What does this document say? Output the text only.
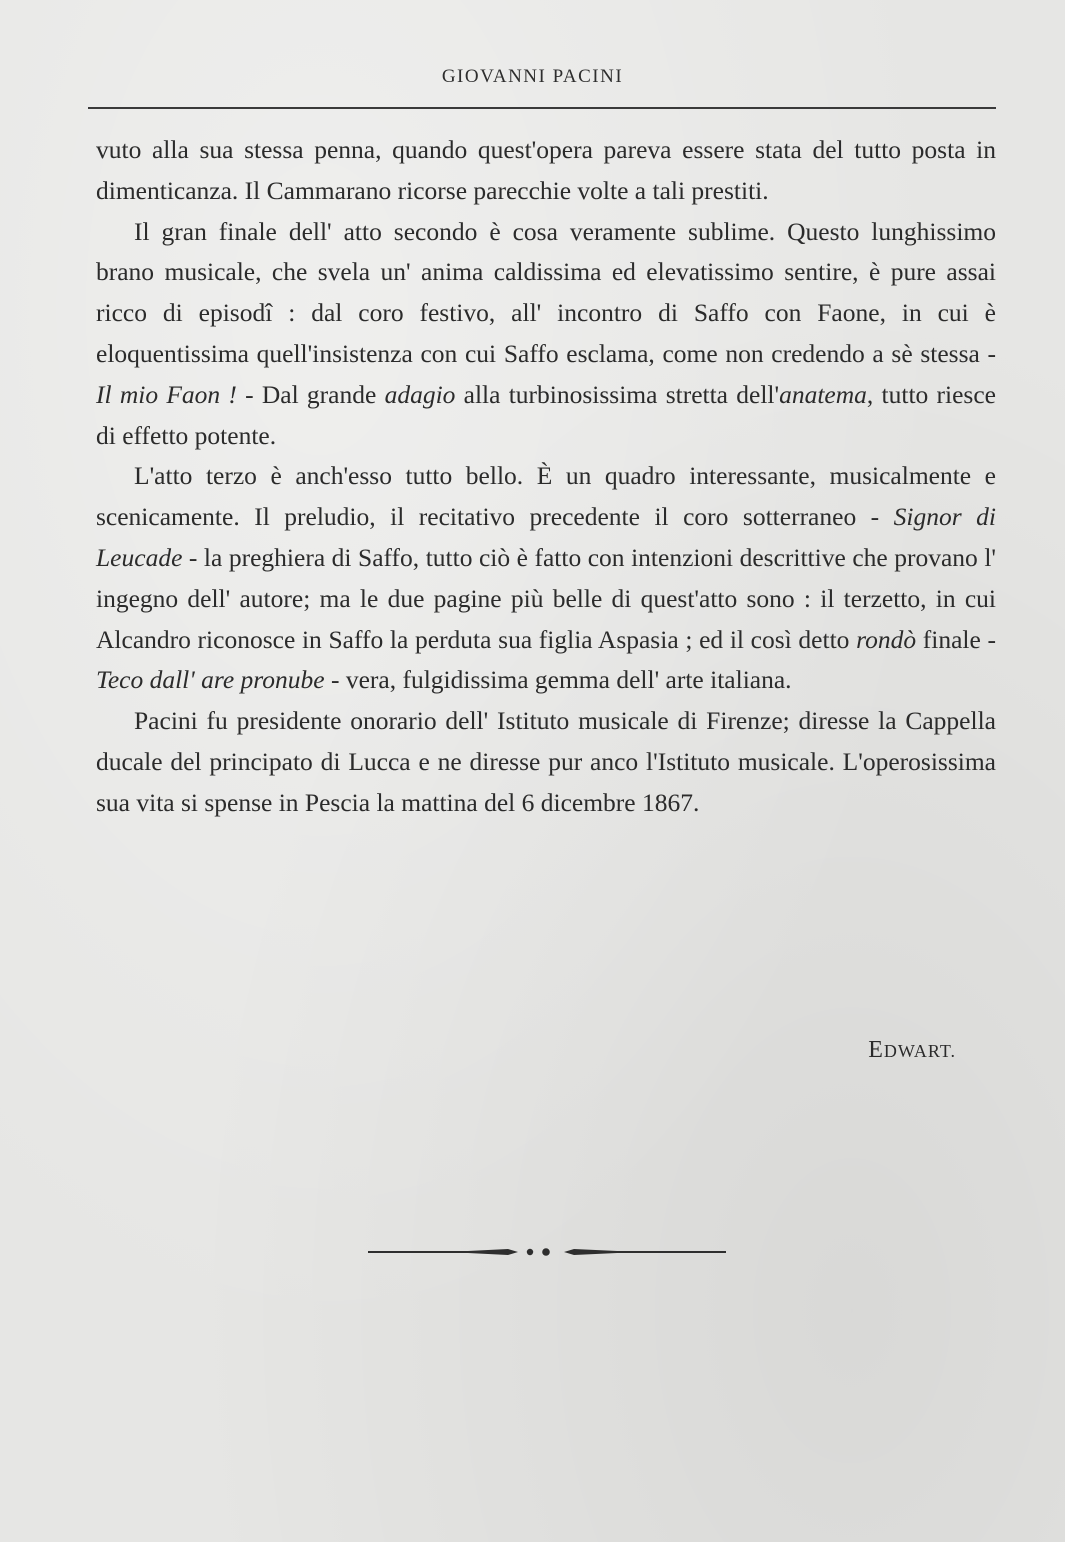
GIOVANNI PACINI

vuto alla sua stessa penna, quando quest'opera pareva essere stata del tutto posta in dimenticanza. Il Cammarano ricorse parecchie volte a tali prestiti.

Il gran finale dell' atto secondo è cosa veramente sublime. Questo lunghissimo brano musicale, che svela un' anima caldissima ed elevatissimo sentire, è pure assai ricco di episodî : dal coro festivo, all' incontro di Saffo con Faone, in cui è eloquentissima quell'insistenza con cui Saffo esclama, come non credendo a sè stessa - Il mio Faon ! - Dal grande adagio alla turbinosissima stretta dell'anatema, tutto riesce di effetto potente.

L'atto terzo è anch'esso tutto bello. È un quadro interessante, musicalmente e scenicamente. Il preludio, il recitativo precedente il coro sotterraneo - Signor di Leucade - la preghiera di Saffo, tutto ciò è fatto con intenzioni descrittive che provano l' ingegno dell' autore; ma le due pagine più belle di quest'atto sono : il terzetto, in cui Alcandro riconosce in Saffo la perduta sua figlia Aspasia ; ed il così detto rondò finale - Teco dall' are pronube - vera, fulgidissima gemma dell' arte italiana.

Pacini fu presidente onorario dell' Istituto musicale di Firenze; diresse la Cappella ducale del principato di Lucca e ne diresse pur anco l'Istituto musicale. L'operosissima sua vita si spense in Pescia la mattina del 6 dicembre 1867.

EDWART.
